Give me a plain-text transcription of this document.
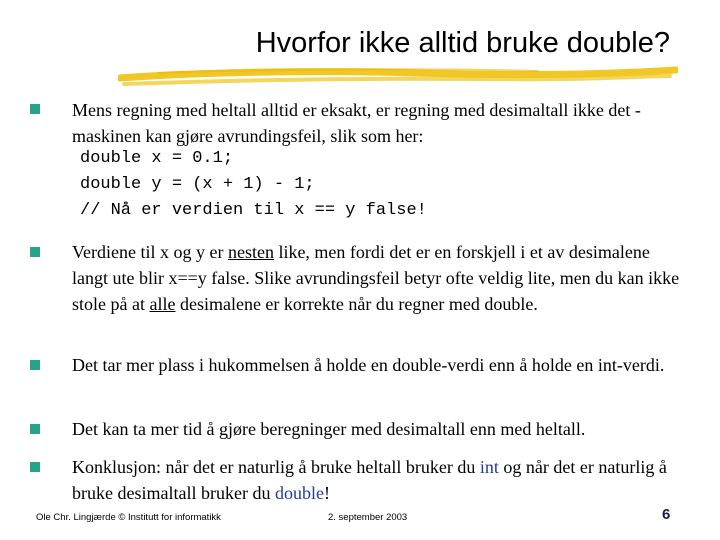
Hvorfor ikke alltid bruke double?
Mens regning med heltall alltid er eksakt, er regning med desimaltall ikke det - maskinen kan gjøre avrundingsfeil, slik som her:
double x = 0.1;
double y = (x + 1) - 1;
// Nå er verdien til x == y false!
Verdiene til x og y er nesten like, men fordi det er en forskjell i et av desimalene langt ute blir x==y false. Slike avrundingsfeil betyr ofte veldig lite, men du kan ikke stole på at alle desimalene er korrekte når du regner med double.
Det tar mer plass i hukommelsen å holde en double-verdi enn å holde en int-verdi.
Det kan ta mer tid å gjøre beregninger med desimaltall enn med heltall.
Konklusjon: når det er naturlig å bruke heltall bruker du int og når det er naturlig å bruke desimaltall bruker du double!
Ole Chr. Lingjærde © Institutt for informatikk	2. september 2003	6
